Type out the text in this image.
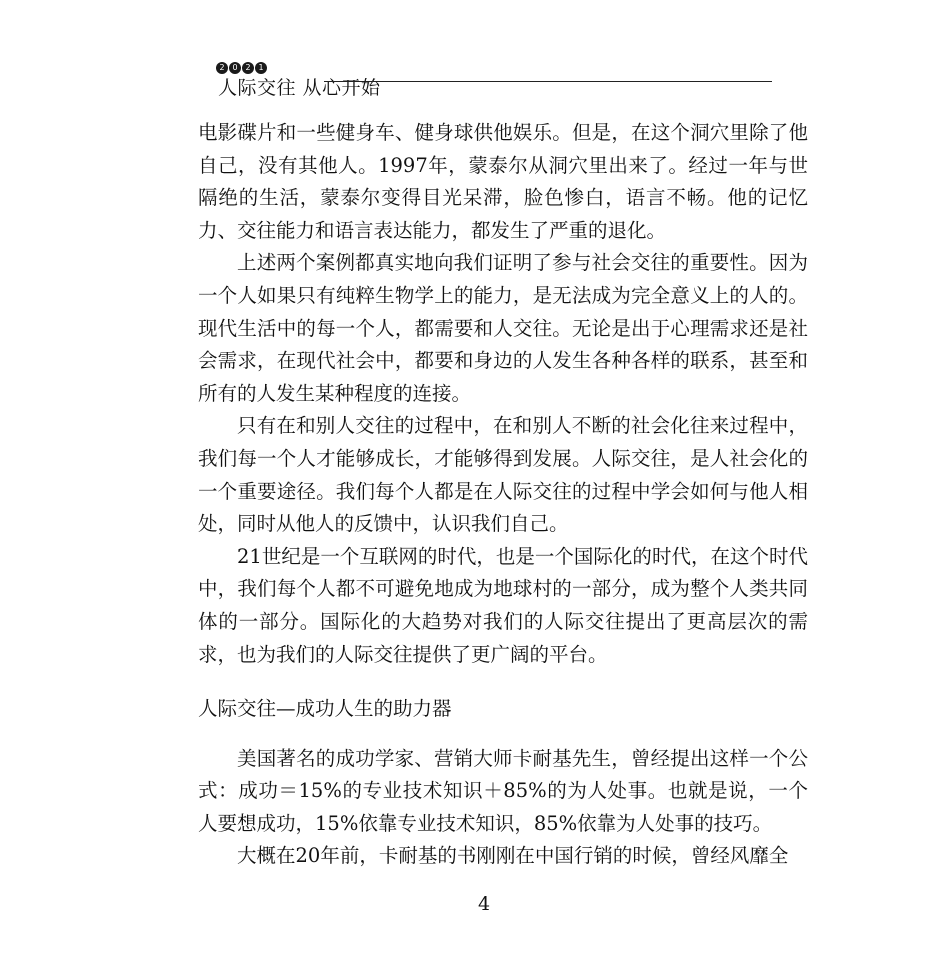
2 0 2 1
人际交往 从心开始

电影碟片和一些健身车、健身球供他娱乐。但是，在这个洞穴里除了他自己，没有其他人。1997年，蒙泰尔从洞穴里出来了。经过一年与世隔绝的生活，蒙泰尔变得目光呆滞，脸色惨白，语言不畅。他的记忆力、交往能力和语言表达能力，都发生了严重的退化。

上述两个案例都真实地向我们证明了参与社会交往的重要性。因为一个人如果只有纯粹生物学上的能力，是无法成为完全意义上的人的。现代生活中的每一个人，都需要和人交往。无论是出于心理需求还是社会需求，在现代社会中，都要和身边的人发生各种各样的联系，甚至和所有的人发生某种程度的连接。

只有在和别人交往的过程中，在和别人不断的社会化往来过程中，我们每一个人才能够成长，才能够得到发展。人际交往，是人社会化的一个重要途径。我们每个人都是在人际交往的过程中学会如何与他人相处，同时从他人的反馈中，认识我们自己。

21世纪是一个互联网的时代，也是一个国际化的时代，在这个时代中，我们每个人都不可避免地成为地球村的一部分，成为整个人类共同体的一部分。国际化的大趋势对我们的人际交往提出了更高层次的需求，也为我们的人际交往提供了更广阔的平台。

人际交往—成功人生的助力器

美国著名的成功学家、营销大师卡耐基先生，曾经提出这样一个公式：成功＝15%的专业技术知识＋85%的为人处事。也就是说，一个人要想成功，15%依靠专业技术知识，85%依靠为人处事的技巧。

大概在20年前，卡耐基的书刚刚在中国行销的时候，曾经风靡全

4
